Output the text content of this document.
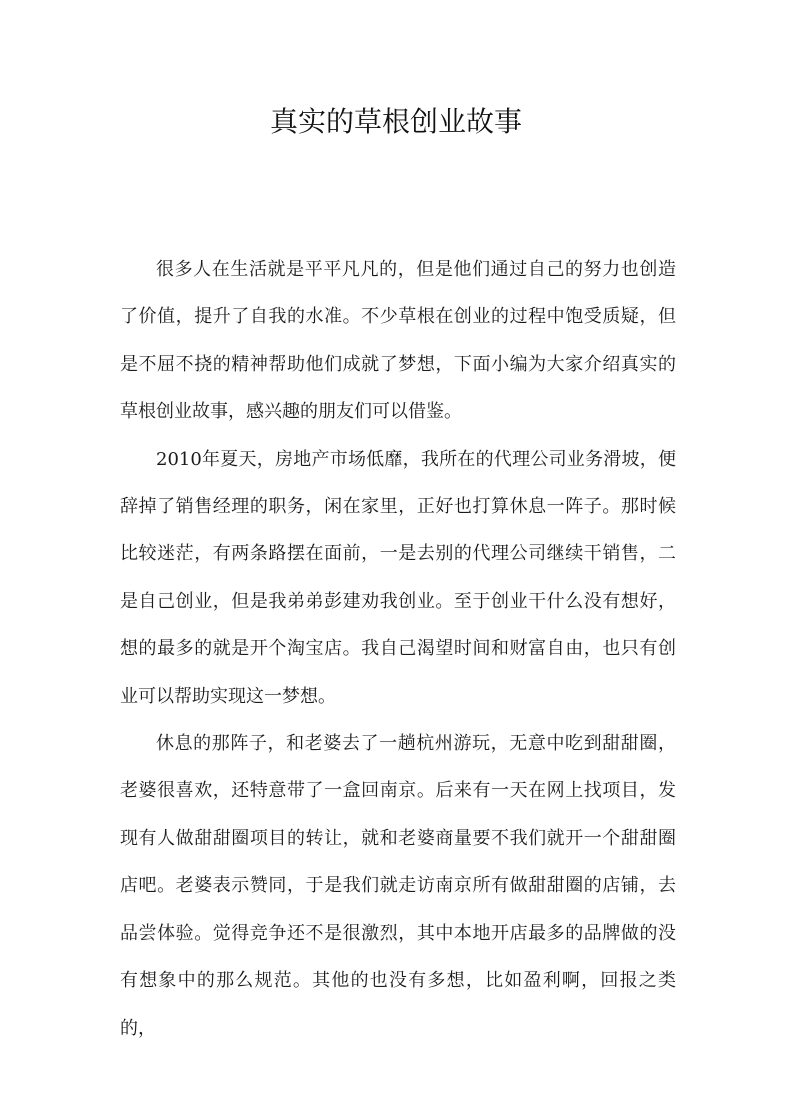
真实的草根创业故事

很多人在生活就是平平凡凡的，但是他们通过自己的努力也创造了价值，提升了自我的水准。不少草根在创业的过程中饱受质疑，但是不屈不挠的精神帮助他们成就了梦想，下面小编为大家介绍真实的草根创业故事，感兴趣的朋友们可以借鉴。

2010年夏天，房地产市场低靡，我所在的代理公司业务滑坡，便辞掉了销售经理的职务，闲在家里，正好也打算休息一阵子。那时候比较迷茫，有两条路摆在面前，一是去别的代理公司继续干销售，二是自己创业，但是我弟弟彭建劝我创业。至于创业干什么没有想好，想的最多的就是开个淘宝店。我自己渴望时间和财富自由，也只有创业可以帮助实现这一梦想。

休息的那阵子，和老婆去了一趟杭州游玩，无意中吃到甜甜圈，老婆很喜欢，还特意带了一盒回南京。后来有一天在网上找项目，发现有人做甜甜圈项目的转让，就和老婆商量要不我们就开一个甜甜圈店吧。老婆表示赞同，于是我们就走访南京所有做甜甜圈的店铺，去品尝体验。觉得竞争还不是很激烈，其中本地开店最多的品牌做的没有想象中的那么规范。其他的也没有多想，比如盈利啊，回报之类的，
